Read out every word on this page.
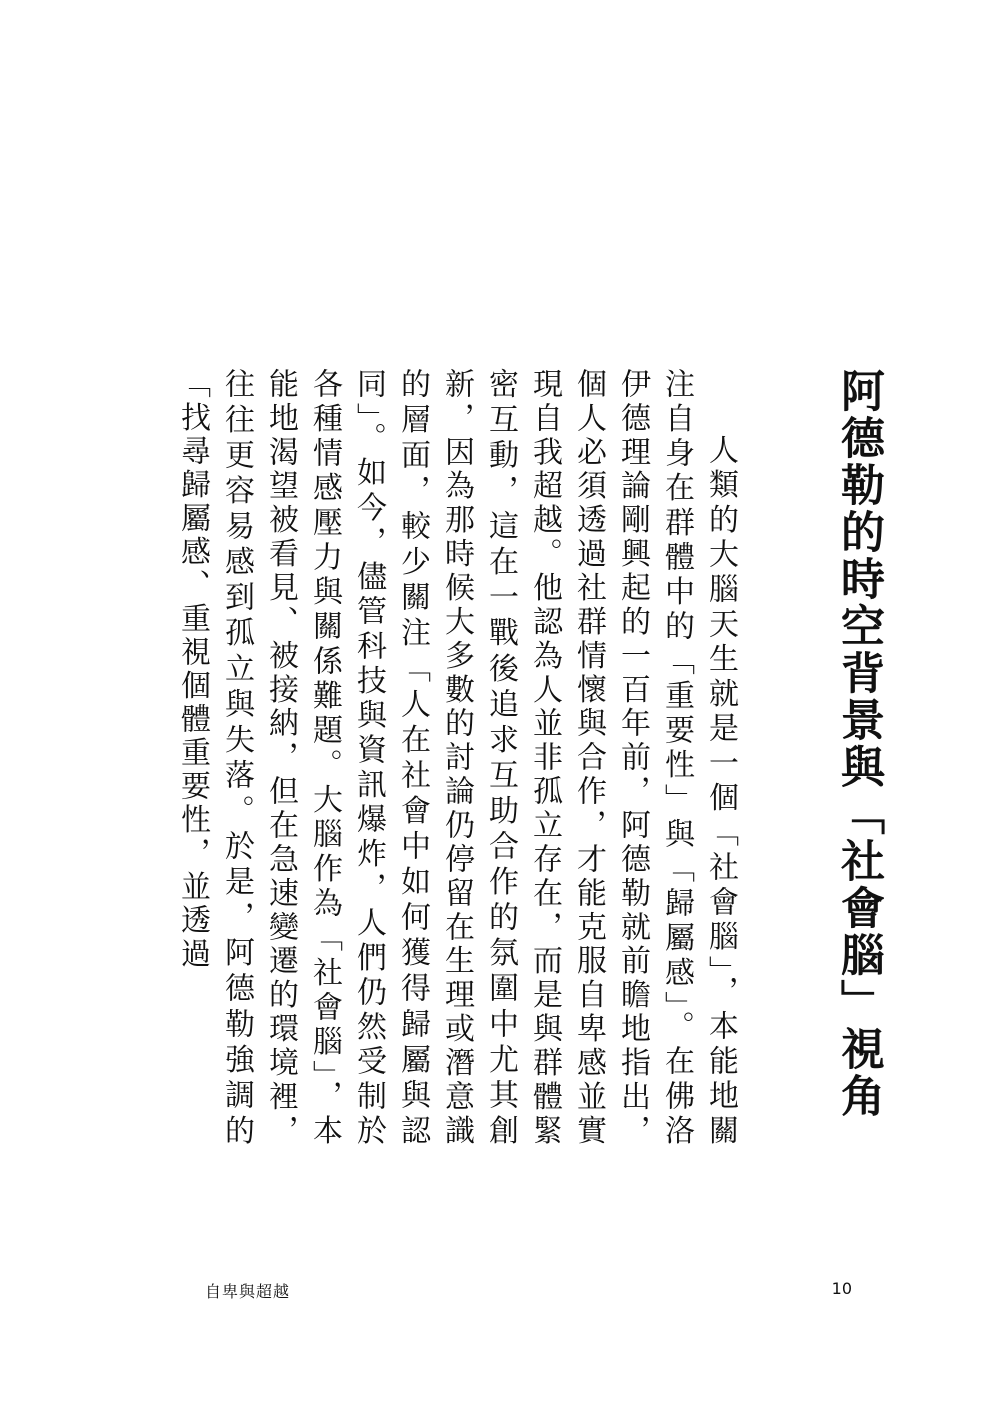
阿德勒的時空背景與「社會腦」視角

人類的大腦天生就是一個「社會腦」，本能地關注自身在群體中的「重要性」與「歸屬感」。在佛洛伊德理論剛興起的一百年前，阿德勒就前瞻地指出，個人必須透過社群情懷與合作，才能克服自卑感並實現自我超越。他認為人並非孤立存在，而是與群體緊密互動，這在一戰後追求互助合作的氛圍中尤其創新，因為那時候大多數的討論仍停留在生理或潛意識的層面，較少關注「人在社會中如何獲得歸屬與認同」。如今，儘管科技與資訊爆炸，人們仍然受制於各種情感壓力與關係難題。大腦作為「社會腦」，本能地渴望被看見、被接納，但在急速變遷的環境裡，往往更容易感到孤立與失落。於是，阿德勒強調的「找尋歸屬感、重視個體重要性，並透過

自卑與超越	10
